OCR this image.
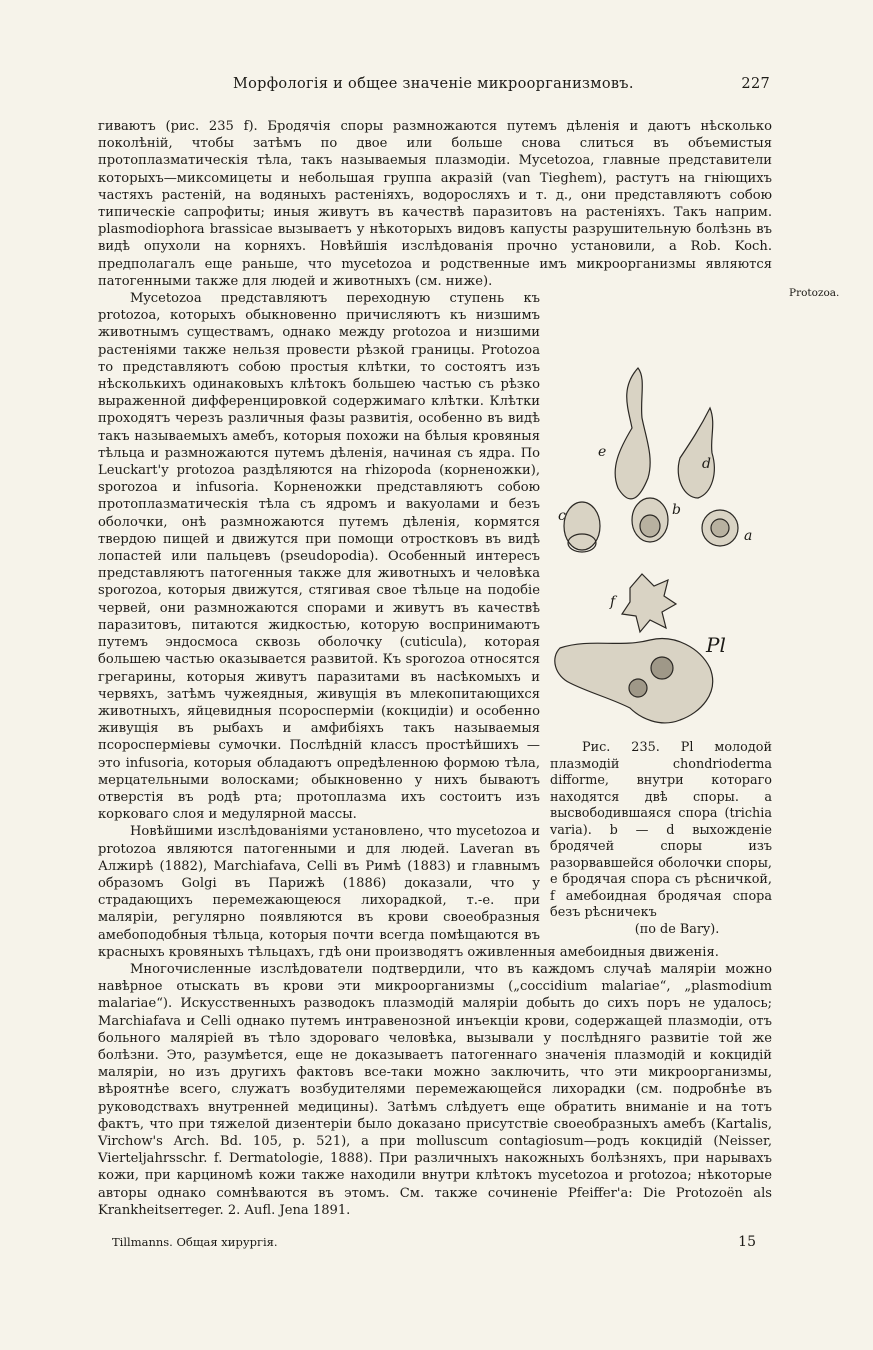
Морфологія и общее значеніе микроорганизмовъ.	227
Protozoa.

гиваютъ (рис. 235 f). Бродячія споры размножаются путемъ дѣленія и даютъ нѣсколько поколѣній, чтобы затѣмъ по двое или больше снова слиться въ объемистыя протоплазматическія тѣла, такъ называемыя плазмодіи. Mycetozoa, главные представители которыхъ—миксомицеты и небольшая группа акразій (van Tieghem), растутъ на гніющихъ частяхъ растеній, на водяныхъ растеніяхъ, водоросляхъ и т. д., они представляютъ собою типическіе сапрофиты; иныя живутъ въ качествѣ паразитовъ на растеніяхъ. Такъ наприм. plasmodiophora brassicae вызываетъ у нѣкоторыхъ видовъ капусты разрушительную болѣзнь въ видѣ опухоли на корняхъ. Новѣйшія изслѣдованія прочно установили, а Rob. Koch. предполагалъ еще раньше, что mycetozoa и родственные имъ микроорганизмы являются патогенными также для людей и животныхъ (см. ниже).

e
d
c	b
a
f
Pl
Рис. 235. Pl молодой плазмодій chondrioderma difforme, внутри котораго находятся двѣ споры. a высвободившаяся спора (trichia varia). b — d выхожденіе бродячей споры изъ разорвавшейся оболочки споры, e бродячая спора съ рѣсничкой, f амебоидная бродячая спора безъ рѣсничекъ
(по de Bary).
Mycetozoa представляютъ переходную ступень къ protozoa, которыхъ обыкновенно причисляютъ къ низшимъ животнымъ существамъ, однако между protozoa и низшими растеніями также нельзя провести рѣзкой границы. Protozoa то представляютъ собою простыя клѣтки, то состоятъ изъ нѣсколькихъ одинаковыхъ клѣтокъ большею частью съ рѣзко выраженной дифференцировкой содержимаго клѣтки. Клѣтки проходятъ черезъ различныя фазы развитія, особенно въ видѣ такъ называемыхъ амебъ, которыя похожи на бѣлыя кровяныя тѣльца и размножаются путемъ дѣленія, начиная съ ядра. По Leuckart'у protozoa раздѣляются на rhizopoda (корненожки), sporozoa и infusoria. Корненожки представляютъ собою протоплазматическія тѣла съ ядромъ и вакуолами и безъ оболочки, онѣ размножаются путемъ дѣленія, кормятся твердою пищей и движутся при помощи отростковъ въ видѣ лопастей или пальцевъ (pseudopodia). Особенный интересъ представляютъ патогенныя также для животныхъ и человѣка sporozoa, которыя движутся, стягивая свое тѣльце на подобіе червей, они размножаются спорами и живутъ въ качествѣ паразитовъ, питаются жидкостью, которую воспринимаютъ путемъ эндосмоса сквозь оболочку (cuticula), которая большею частью оказывается развитой. Къ sporozoa относятся грегарины, которыя живутъ паразитами въ насѣкомыхъ и червяхъ, затѣмъ чужеядныя, живущія въ млекопитающихся животныхъ, яйцевидныя псоросперміи (кокцидіи) и особенно живущія въ рыбахъ и амфибіяхъ такъ называемыя псоросперміевы сумочки. Послѣдній классъ простѣйшихъ — это infusoria, которыя обладаютъ опредѣленною формою тѣла, мерцательными волосками; обыкновенно у нихъ бываютъ отверстія въ родѣ рта; протоплазма ихъ состоитъ изъ корковаго слоя и медулярной массы.

Новѣйшими изслѣдованіями установлено, что mycetozoa и protozoa являются патогенными и для людей. Laveran въ Алжирѣ (1882), Marchiafava, Celli въ Римѣ (1883) и главнымъ образомъ Golgi въ Парижѣ (1886) доказали, что у страдающихъ перемежающеюся лихорадкой, т.-е. при маляріи, регулярно появляются въ крови своеобразныя амебоподобныя тѣльца, которыя почти всегда помѣщаются въ красныхъ кровяныхъ тѣльцахъ, гдѣ они производятъ оживленныя амебоидныя движенія.

Многочисленные изслѣдователи подтвердили, что въ каждомъ случаѣ маляріи можно навѣрное отыскать въ крови эти микроорганизмы („coccidium malariae“, „plasmodium malariae“). Искусственныхъ разводокъ плазмодій маляріи добыть до сихъ поръ не удалось; Marchiafava и Celli однако путемъ интравенозной инъекціи крови, содержащей плазмодіи, отъ больного маляріей въ тѣло здороваго человѣка, вызывали у послѣдняго развитіе той же болѣзни. Это, разумѣется, еще не доказываетъ патогеннаго значенія плазмодій и кокцидій маляріи, но изъ другихъ фактовъ все-таки можно заключить, что эти микроорганизмы, вѣроятнѣе всего, служатъ возбудителями перемежающейся лихорадки (см. подробнѣе въ руководствахъ внутренней медицины). Затѣмъ слѣдуетъ еще обратить вниманіе и на тотъ фактъ, что при тяжелой дизентеріи было доказано присутствіе своеобразныхъ амебъ (Kartalis, Virchow's Arch. Bd. 105, p. 521), а при molluscum contagiosum—родъ кокцидій (Neisser, Vierteljahrsschr. f. Dermatologie, 1888). При различныхъ накожныхъ болѣзняхъ, при нарывахъ кожи, при карциномѣ кожи также находили внутри клѣтокъ mycetozoa и protozoa; нѣкоторые авторы однако сомнѣваются въ этомъ. См. также сочиненіе Pfeiffer'а: Die Protozoën als Krankheitserreger. 2. Aufl. Jena 1891.

Tillmanns. Общая хирургія.	15
